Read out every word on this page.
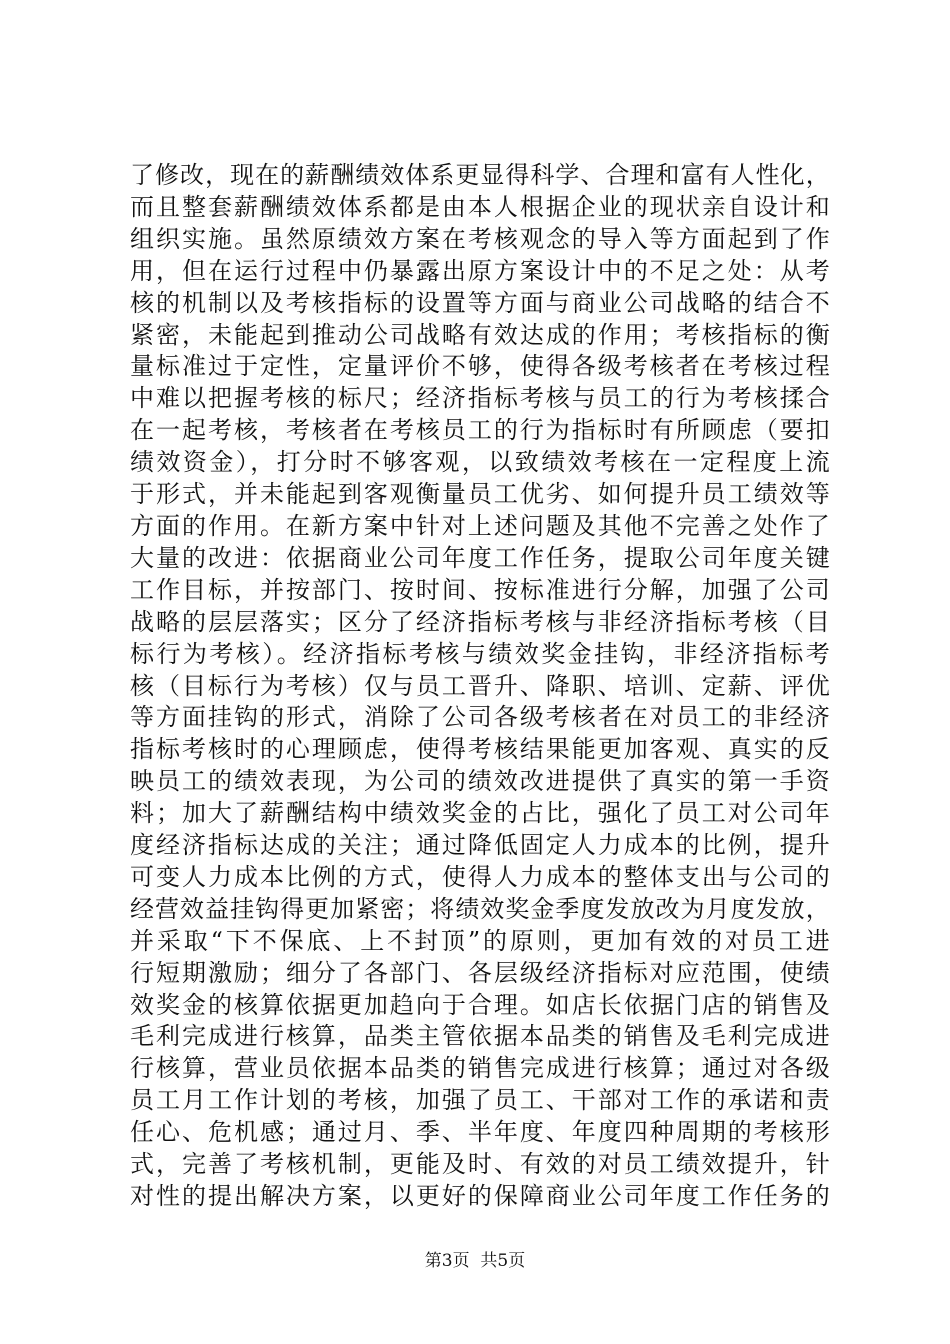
了修改，现在的薪酬绩效体系更显得科学、合理和富有人性化，
而且整套薪酬绩效体系都是由本人根据企业的现状亲自设计和
组织实施。虽然原绩效方案在考核观念的导入等方面起到了作
用，但在运行过程中仍暴露出原方案设计中的不足之处：从考
核的机制以及考核指标的设置等方面与商业公司战略的结合不
紧密，未能起到推动公司战略有效达成的作用；考核指标的衡
量标准过于定性，定量评价不够，使得各级考核者在考核过程
中难以把握考核的标尺；经济指标考核与员工的行为考核揉合
在一起考核，考核者在考核员工的行为指标时有所顾虑（要扣
绩效资金），打分时不够客观，以致绩效考核在一定程度上流
于形式，并未能起到客观衡量员工优劣、如何提升员工绩效等
方面的作用。在新方案中针对上述问题及其他不完善之处作了
大量的改进：依据商业公司年度工作任务，提取公司年度关键
工作目标，并按部门、按时间、按标准进行分解，加强了公司
战略的层层落实；区分了经济指标考核与非经济指标考核（目
标行为考核）。经济指标考核与绩效奖金挂钩，非经济指标考
核（目标行为考核）仅与员工晋升、降职、培训、定薪、评优
等方面挂钩的形式，消除了公司各级考核者在对员工的非经济
指标考核时的心理顾虑，使得考核结果能更加客观、真实的反
映员工的绩效表现，为公司的绩效改进提供了真实的第一手资
料；加大了薪酬结构中绩效奖金的占比，强化了员工对公司年
度经济指标达成的关注；通过降低固定人力成本的比例，提升
可变人力成本比例的方式，使得人力成本的整体支出与公司的
经营效益挂钩得更加紧密；将绩效奖金季度发放改为月度发放，
并采取“下不保底、上不封顶”的原则，更加有效的对员工进
行短期激励；细分了各部门、各层级经济指标对应范围，使绩
效奖金的核算依据更加趋向于合理。如店长依据门店的销售及
毛利完成进行核算，品类主管依据本品类的销售及毛利完成进
行核算，营业员依据本品类的销售完成进行核算；通过对各级
员工月工作计划的考核，加强了员工、干部对工作的承诺和责
任心、危机感；通过月、季、半年度、年度四种周期的考核形
式，完善了考核机制，更能及时、有效的对员工绩效提升，针
对性的提出解决方案，以更好的保障商业公司年度工作任务的
第3页  共5页
